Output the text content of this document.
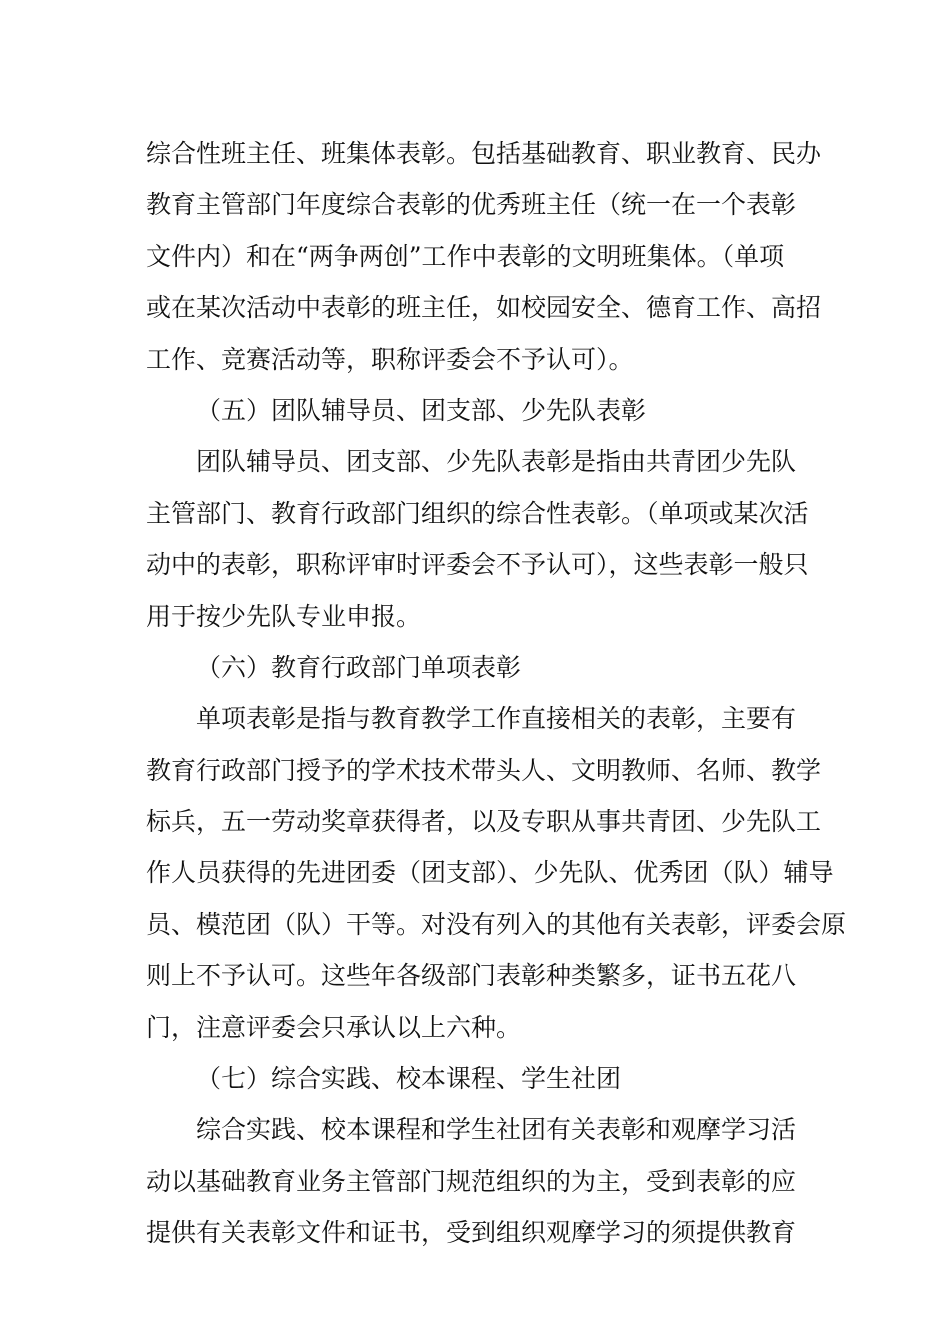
综合性班主任、班集体表彰。包括基础教育、职业教育、民办
教育主管部门年度综合表彰的优秀班主任（统一在一个表彰
文件内）和在“两争两创”工作中表彰的文明班集体。（单项
或在某次活动中表彰的班主任，如校园安全、德育工作、高招
工作、竞赛活动等，职称评委会不予认可）。
（五）团队辅导员、团支部、少先队表彰
团队辅导员、团支部、少先队表彰是指由共青团少先队
主管部门、教育行政部门组织的综合性表彰。（单项或某次活
动中的表彰，职称评审时评委会不予认可），这些表彰一般只
用于按少先队专业申报。
（六）教育行政部门单项表彰
单项表彰是指与教育教学工作直接相关的表彰，主要有
教育行政部门授予的学术技术带头人、文明教师、名师、教学
标兵，五一劳动奖章获得者，以及专职从事共青团、少先队工
作人员获得的先进团委（团支部）、少先队、优秀团（队）辅导
员、模范团（队）干等。对没有列入的其他有关表彰，评委会原
则上不予认可。这些年各级部门表彰种类繁多，证书五花八
门，注意评委会只承认以上六种。
（七）综合实践、校本课程、学生社团
综合实践、校本课程和学生社团有关表彰和观摩学习活
动以基础教育业务主管部门规范组织的为主，受到表彰的应
提供有关表彰文件和证书，受到组织观摩学习的须提供教育
